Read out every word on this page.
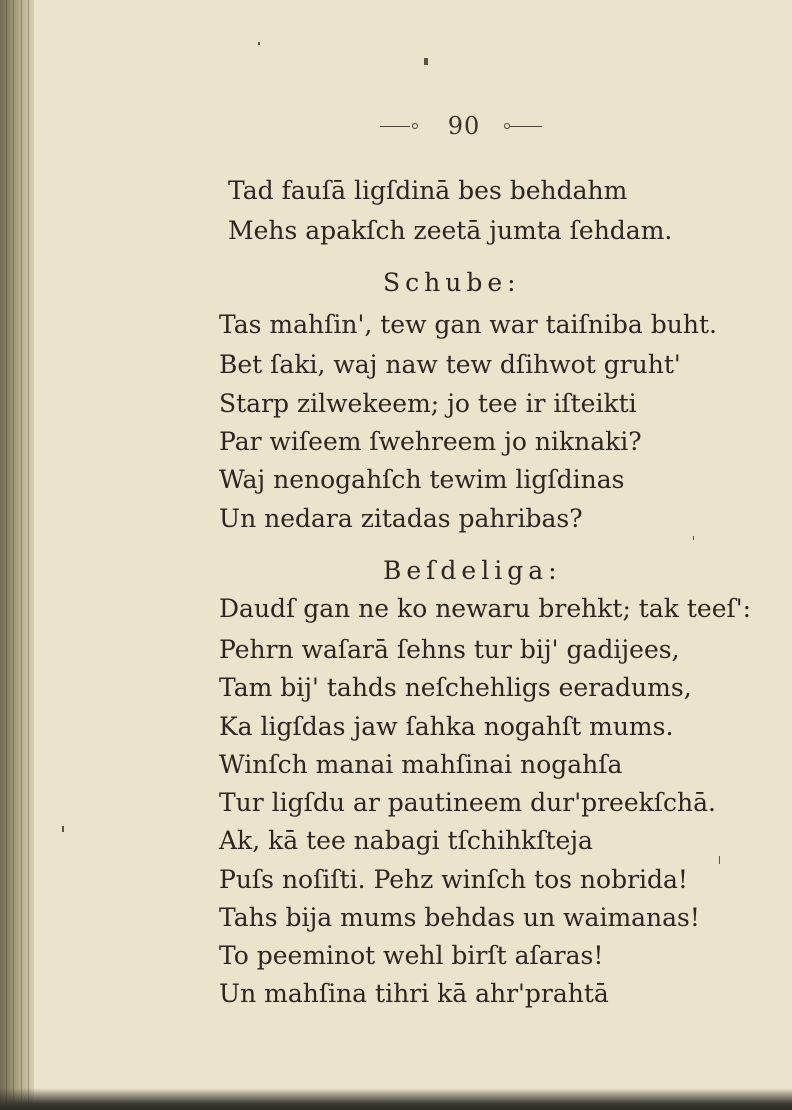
90
Tad fauſā ligſdinā bes behdahm
Mehs apakſch zeetā jumta ſehdam.
Schube:
Tas mahſin', tew gan war taiſniba buht.
Bet ſaki, waj naw tew dſihwot gruht'
Starp zilwekeem; jo tee ir iſteikti
Par wiſeem ſwehreem jo niknaki?
Waj nenogahſch tewim ligſdinas
Un nedara zitadas pahribas?
Beſdeliga:
Daudſ gan ne ko newaru brehkt; tak teeſ':
Pehrn waſarā ſehns tur bij' gadijees,
Tam bij' tahds neſchehligs eeradums,
Ka ligſdas jaw ſahka nogahſt mums.
Winſch manai mahſinai nogahſa
Tur ligſdu ar pautineem dur'preekſchā.
Ak, kā tee nabagi tſchihkſteja
Puſs noſiſti. Pehz winſch tos nobrida!
Tahs bija mums behdas un waimanas!
To peeminot wehl birſt aſaras!
Un mahſina tihri kā ahr'prahtā
